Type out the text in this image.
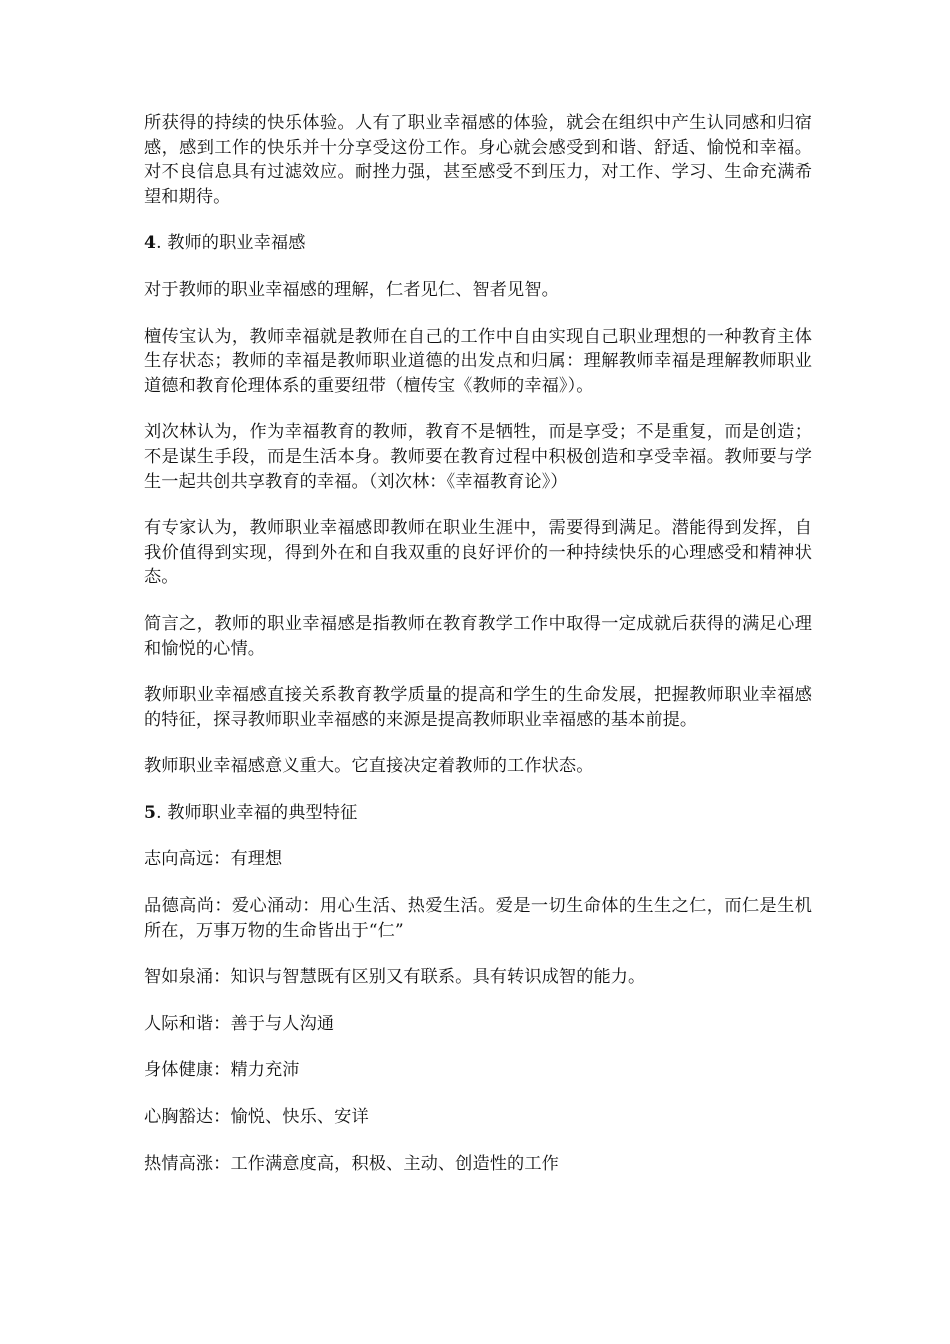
所获得的持续的快乐体验。人有了职业幸福感的体验，就会在组织中产生认同感和归宿感，感到工作的快乐并十分享受这份工作。身心就会感受到和谐、舒适、愉悦和幸福。对不良信息具有过滤效应。耐挫力强，甚至感受不到压力，对工作、学习、生命充满希望和期待。

4. 教师的职业幸福感

对于教师的职业幸福感的理解，仁者见仁、智者见智。

檀传宝认为，教师幸福就是教师在自己的工作中自由实现自己职业理想的一种教育主体生存状态；教师的幸福是教师职业道德的出发点和归属：理解教师幸福是理解教师职业道德和教育伦理体系的重要纽带（檀传宝《教师的幸福》）。

刘次林认为，作为幸福教育的教师，教育不是牺牲，而是享受；不是重复，而是创造；不是谋生手段，而是生活本身。教师要在教育过程中积极创造和享受幸福。教师要与学生一起共创共享教育的幸福。（刘次林：《幸福教育论》）

有专家认为，教师职业幸福感即教师在职业生涯中，需要得到满足。潜能得到发挥，自我价值得到实现，得到外在和自我双重的良好评价的一种持续快乐的心理感受和精神状态。

简言之，教师的职业幸福感是指教师在教育教学工作中取得一定成就后获得的满足心理和愉悦的心情。

教师职业幸福感直接关系教育教学质量的提高和学生的生命发展，把握教师职业幸福感的特征，探寻教师职业幸福感的来源是提高教师职业幸福感的基本前提。

教师职业幸福感意义重大。它直接决定着教师的工作状态。

5. 教师职业幸福的典型特征

志向高远：有理想

品德高尚：爱心涌动：用心生活、热爱生活。爱是一切生命体的生生之仁，而仁是生机所在，万事万物的生命皆出于“仁”

智如泉涌：知识与智慧既有区别又有联系。具有转识成智的能力。

人际和谐：善于与人沟通

身体健康：精力充沛

心胸豁达：愉悦、快乐、安详

热情高涨：工作满意度高，积极、主动、创造性的工作
